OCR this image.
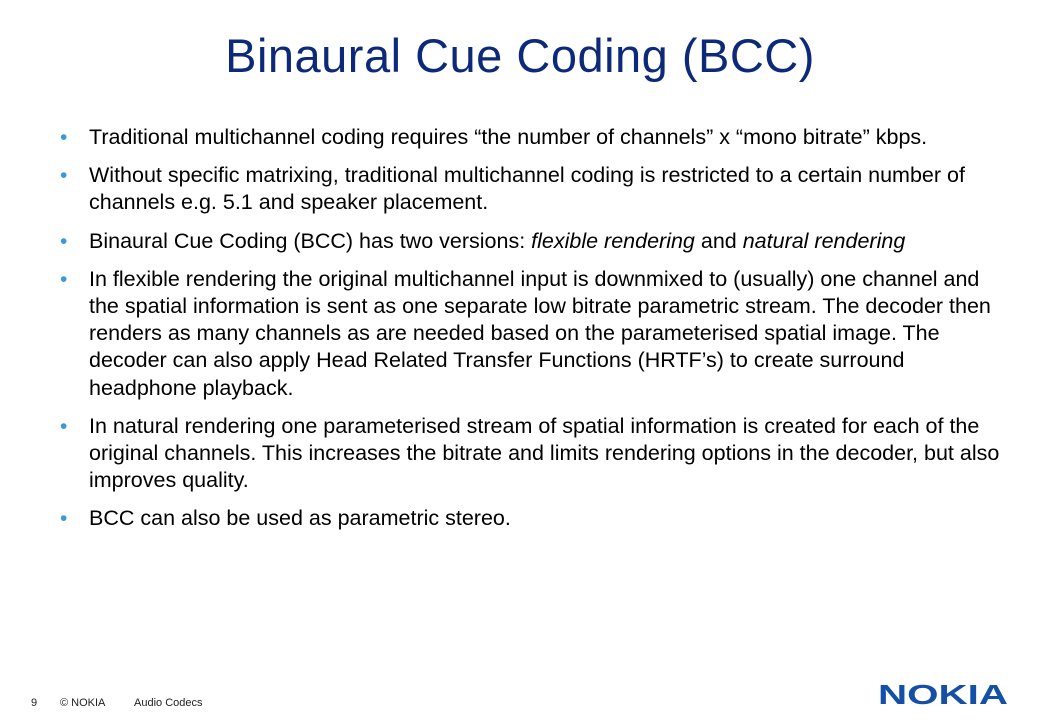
Binaural Cue Coding (BCC)
• Traditional multichannel coding requires “the number of channels” x “mono bitrate” kbps.
• Without specific matrixing, traditional multichannel coding is restricted to a certain number of channels e.g. 5.1 and speaker placement.
• Binaural Cue Coding (BCC) has two versions: flexible rendering and natural rendering
• In flexible rendering the original multichannel input is downmixed to (usually) one channel and the spatial information is sent as one separate low bitrate parametric stream. The decoder then renders as many channels as are needed based on the parameterised spatial image. The decoder can also apply Head Related Transfer Functions (HRTF’s) to create surround headphone playback.
• In natural rendering one parameterised stream of spatial information is created for each of the original channels. This increases the bitrate and limits rendering options in the decoder, but also improves quality.
• BCC can also be used as parametric stereo.
9 © NOKIA	Audio Codecs	NOKIA
